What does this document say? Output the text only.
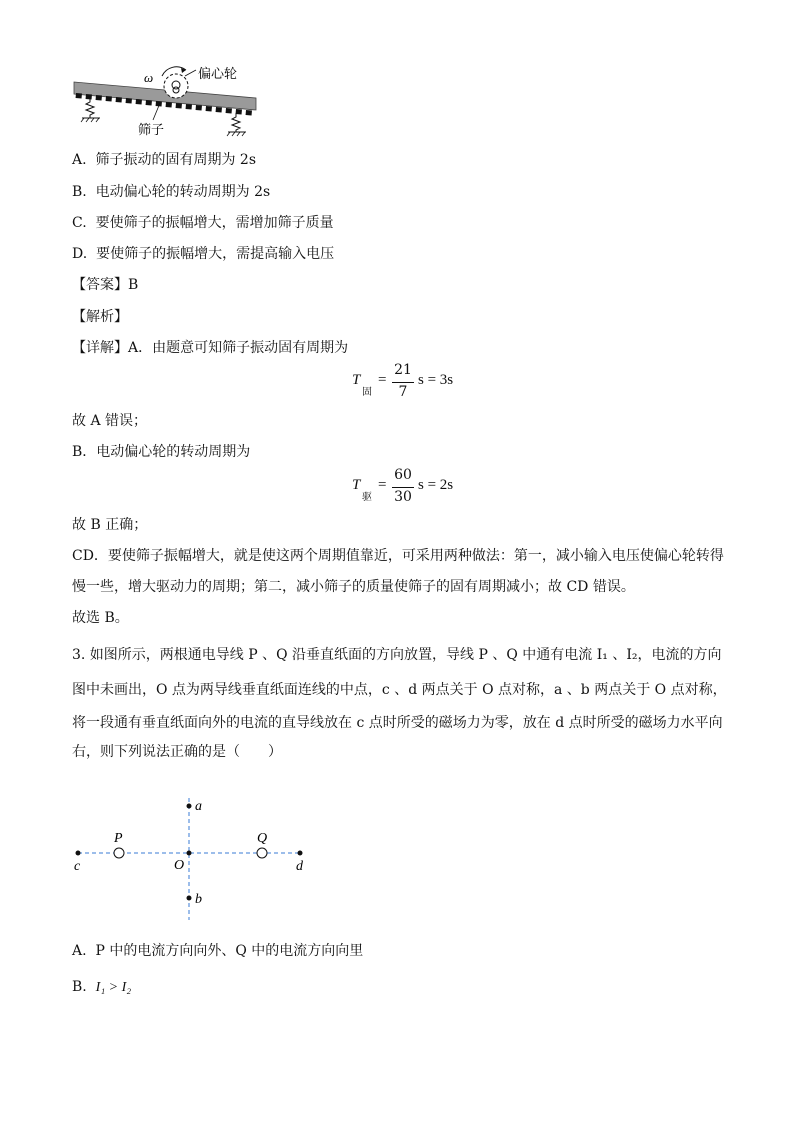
ω	偏心轮
筛子
A. 筛子振动的固有周期为 2s
B. 电动偏心轮的转动周期为 2s
C. 要使筛子的振幅增大，需增加筛子质量
D. 要使筛子的振幅增大，需提高输入电压
【答案】B
【解析】
【详解】A．由题意可知筛子振动固有周期为
T
固
=
21
7
s = 3s
故 A 错误；
B．电动偏心轮的转动周期为
T
驱
=
60
30
s = 2s
故 B 正确；
CD．要使筛子振幅增大，就是使这两个周期值靠近，可采用两种做法：第一，减小输入电压使偏心轮转得
慢一些，增大驱动力的周期；第二，减小筛子的质量使筛子的固有周期减小；故 CD 错误。
故选 B。
3. 如图所示，两根通电导线 P 、Q 沿垂直纸面的方向放置，导线 P 、Q 中通有电流 I₁ 、I₂，电流的方向
图中未画出，O 点为两导线垂直纸面连线的中点，c 、d 两点关于 O 点对称，a 、b 两点关于 O 点对称，
将一段通有垂直纸面向外的电流的直导线放在 c 点时所受的磁场力为零，放在 d 点时所受的磁场力水平向
右，则下列说法正确的是（　　）
a
b
c	d
O
P	Q
A. P 中的电流方向向外、Q 中的电流方向向里
B. I₁ > I₂
